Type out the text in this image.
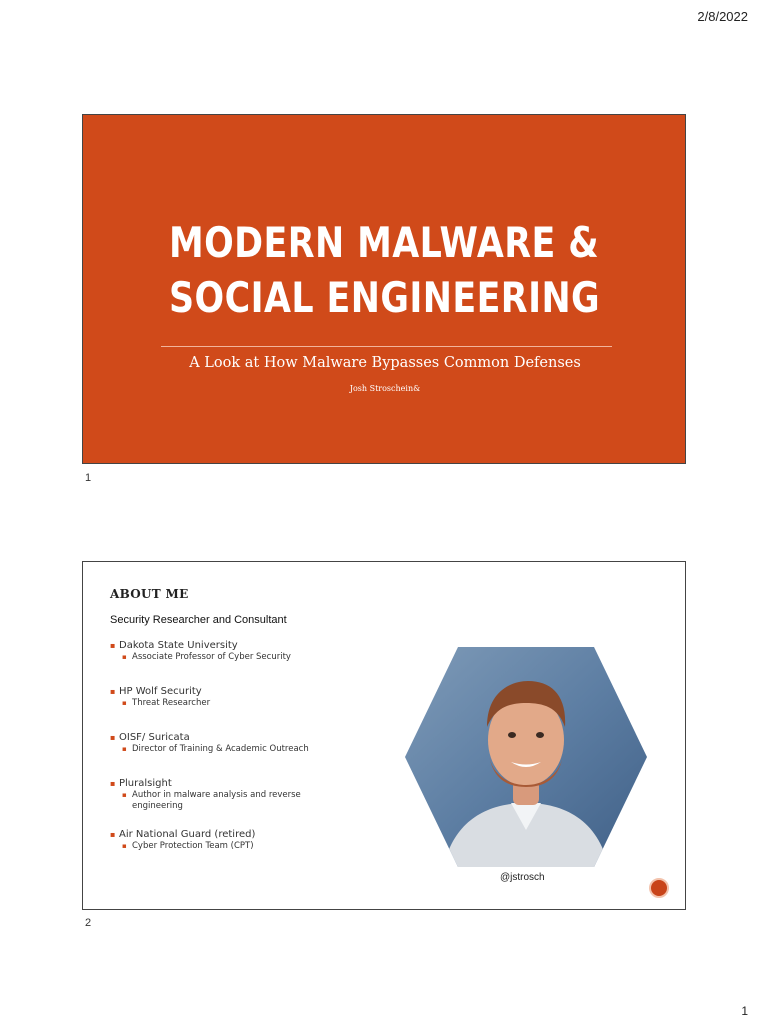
2/8/2022
MODERN MALWARE &
SOCIAL ENGINEERING
A Look at How Malware Bypasses Common Defenses
Josh Stroschein&
1
ABOUT ME
Security Researcher and Consultant
▪ Dakota State University
▪ Associate Professor of Cyber Security
▪ HP Wolf Security
▪ Threat Researcher
▪ OISF/ Suricata
▪ Director of Training & Academic Outreach
▪ Pluralsight
▪ Author in malware analysis and reverse engineering
▪ Air National Guard (retired)
▪ Cyber Protection Team (CPT)
@jstrosch
2
1
